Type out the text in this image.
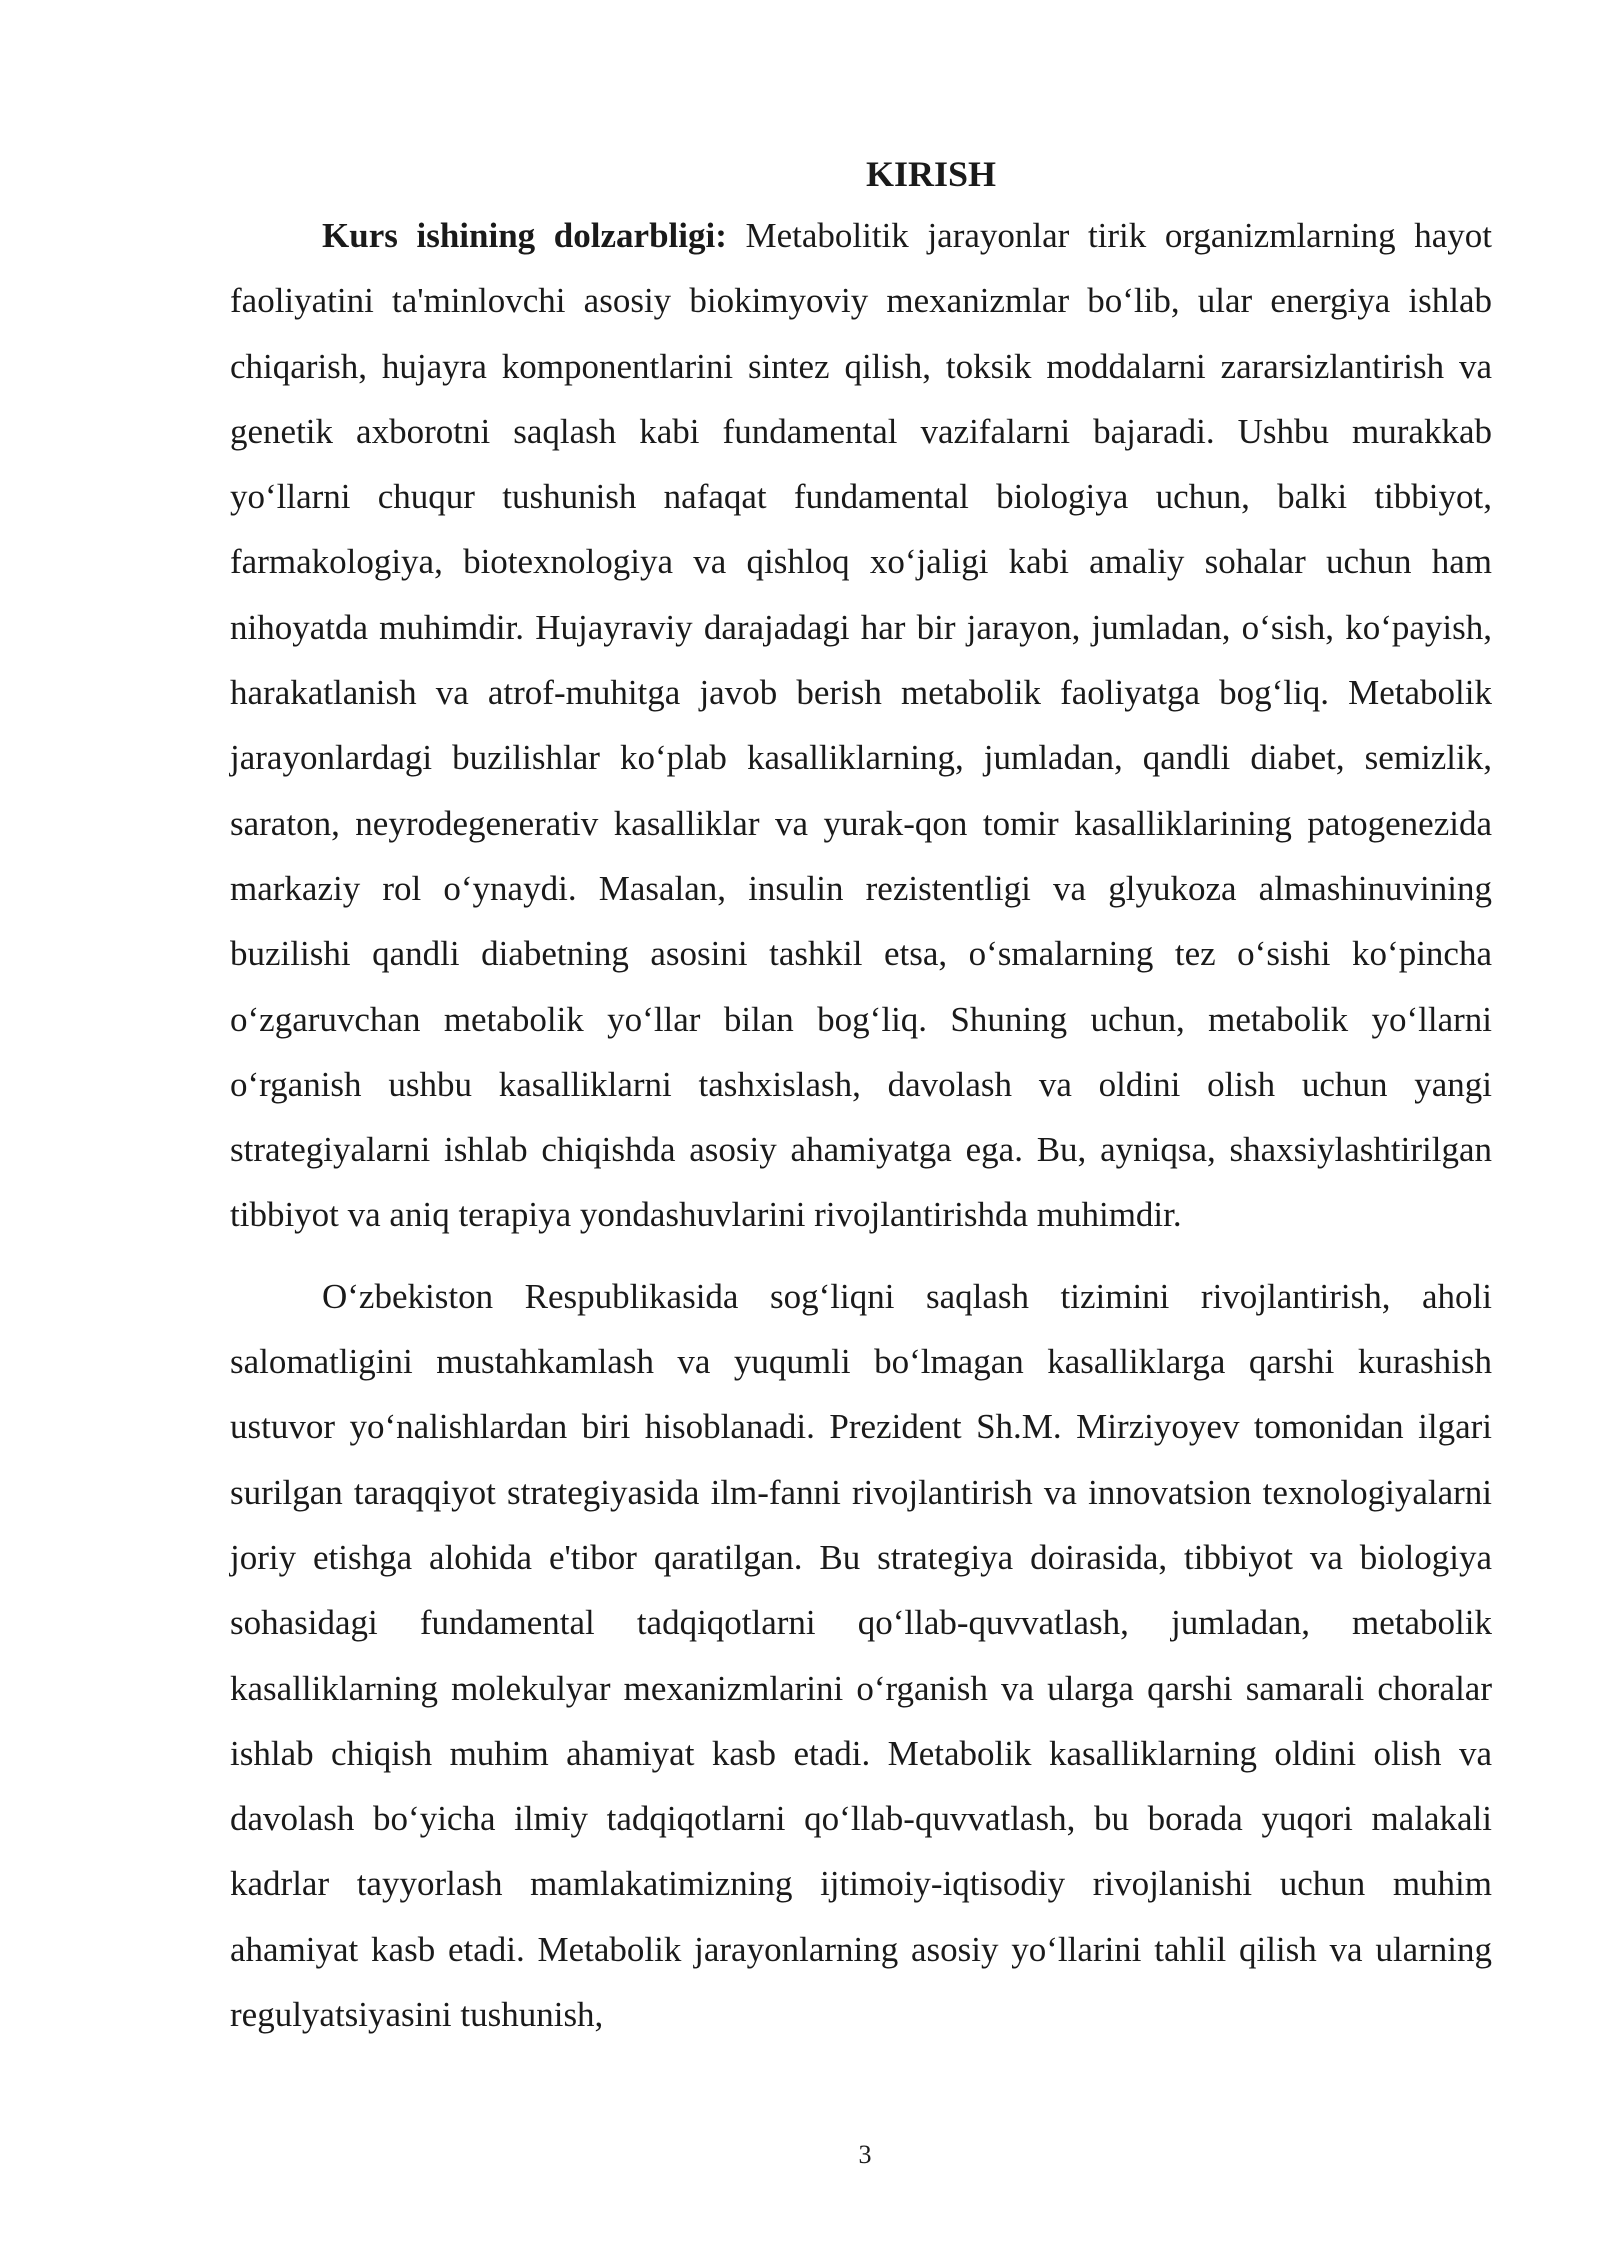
KIRISH

Kurs ishining dolzarbligi: Metabolitik jarayonlar tirik organizmlarning hayot faoliyatini ta'minlovchi asosiy biokimyoviy mexanizmlar bo‘lib, ular energiya ishlab chiqarish, hujayra komponentlarini sintez qilish, toksik moddalarni zararsizlantirish va genetik axborotni saqlash kabi fundamental vazifalarni bajaradi. Ushbu murakkab yo‘llarni chuqur tushunish nafaqat fundamental biologiya uchun, balki tibbiyot, farmakologiya, biotexnologiya va qishloq xo‘jaligi kabi amaliy sohalar uchun ham nihoyatda muhimdir. Hujayraviy darajadagi har bir jarayon, jumladan, o‘sish, ko‘payish, harakatlanish va atrof-muhitga javob berish metabolik faoliyatga bog‘liq. Metabolik jarayonlardagi buzilishlar ko‘plab kasalliklarning, jumladan, qandli diabet, semizlik, saraton, neyrodegenerativ kasalliklar va yurak-qon tomir kasalliklarining patogenezida markaziy rol o‘ynaydi. Masalan, insulin rezistentligi va glyukoza almashinuvining buzilishi qandli diabetning asosini tashkil etsa, o‘smalarning tez o‘sishi ko‘pincha o‘zgaruvchan metabolik yo‘llar bilan bog‘liq. Shuning uchun, metabolik yo‘llarni o‘rganish ushbu kasalliklarni tashxislash, davolash va oldini olish uchun yangi strategiyalarni ishlab chiqishda asosiy ahamiyatga ega. Bu, ayniqsa, shaxsiylashtirilgan tibbiyot va aniq terapiya yondashuvlarini rivojlantirishda muhimdir.

O‘zbekiston Respublikasida sog‘liqni saqlash tizimini rivojlantirish, aholi salomatligini mustahkamlash va yuqumli bo‘lmagan kasalliklarga qarshi kurashish ustuvor yo‘nalishlardan biri hisoblanadi. Prezident Sh.M. Mirziyoyev tomonidan ilgari surilgan taraqqiyot strategiyasida ilm-fanni rivojlantirish va innovatsion texnologiyalarni joriy etishga alohida e'tibor qaratilgan. Bu strategiya doirasida, tibbiyot va biologiya sohasidagi fundamental tadqiqotlarni qo‘llab-quvvatlash, jumladan, metabolik kasalliklarning molekulyar mexanizmlarini o‘rganish va ularga qarshi samarali choralar ishlab chiqish muhim ahamiyat kasb etadi. Metabolik kasalliklarning oldini olish va davolash bo‘yicha ilmiy tadqiqotlarni qo‘llab-quvvatlash, bu borada yuqori malakali kadrlar tayyorlash mamlakatimizning ijtimoiy-iqtisodiy rivojlanishi uchun muhim ahamiyat kasb etadi. Metabolik jarayonlarning asosiy yo‘llarini tahlil qilish va ularning regulyatsiyasini tushunish,

3
